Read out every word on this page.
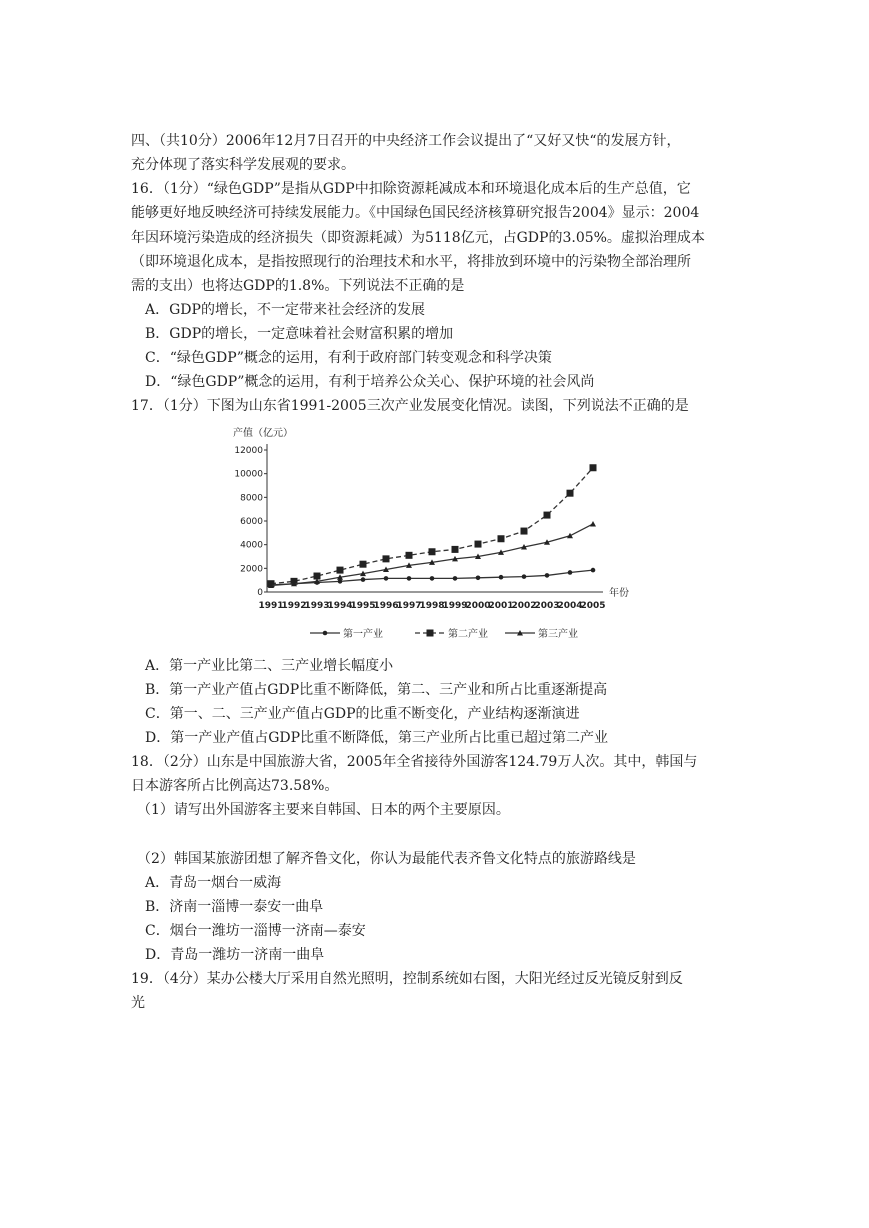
四、（共10分）2006年12月7日召开的中央经济工作会议提出了“又好又快“的发展方针，
充分体现了落实科学发展观的要求。
16．（1分）“绿色GDP”是指从GDP中扣除资源耗减成本和环境退化成本后的生产总值，它
能够更好地反映经济可持续发展能力。《中国绿色国民经济核算研究报告2004》显示：2004
年因环境污染造成的经济损失（即资源耗减）为5118亿元，占GDP的3.05%。虚拟治理成本
（即环境退化成本，是指按照现行的治理技术和水平，将排放到环境中的污染物全部治理所
需的支出）也将达GDP的1.8%。下列说法不正确的是
A．GDP的增长，不一定带来社会经济的发展
B．GDP的增长，一定意味着社会财富积累的增加
C．“绿色GDP”概念的运用，有利于政府部门转变观念和科学决策
D．“绿色GDP”概念的运用，有利于培养公众关心、保护环境的社会风尚
17．（1分）下图为山东省1991-2005三次产业发展变化情况。读图，下列说法不正确的是
产值（亿元）
年份
0
2000
4000
6000
8000
10000
12000
1991
1992
1993
1994
1995
1996
1997
1998
1999
2000
2001
2002
2003
2004
2005
第一产业	第二产业	第三产业
A．第一产业比第二、三产业增长幅度小
B．第一产业产值占GDP比重不断降低，第二、三产业和所占比重逐渐提高
C．第一、二、三产业产值占GDP的比重不断变化，产业结构逐渐演进
D．第一产业产值占GDP比重不断降低，第三产业所占比重已超过第二产业
18．（2分）山东是中国旅游大省，2005年全省接待外国游客124.79万人次。其中，韩国与
日本游客所占比例高达73.58%。
（1）请写出外国游客主要来自韩国、日本的两个主要原因。
（2）韩国某旅游团想了解齐鲁文化，你认为最能代表齐鲁文化特点的旅游路线是
A．青岛一烟台一威海
B．济南一淄博一泰安一曲阜
C．烟台一潍坊一淄博一济南—泰安
D．青岛一潍坊一济南一曲阜
19．（4分）某办公楼大厅采用自然光照明，控制系统如右图，大阳光经过反光镜反射到反
光
